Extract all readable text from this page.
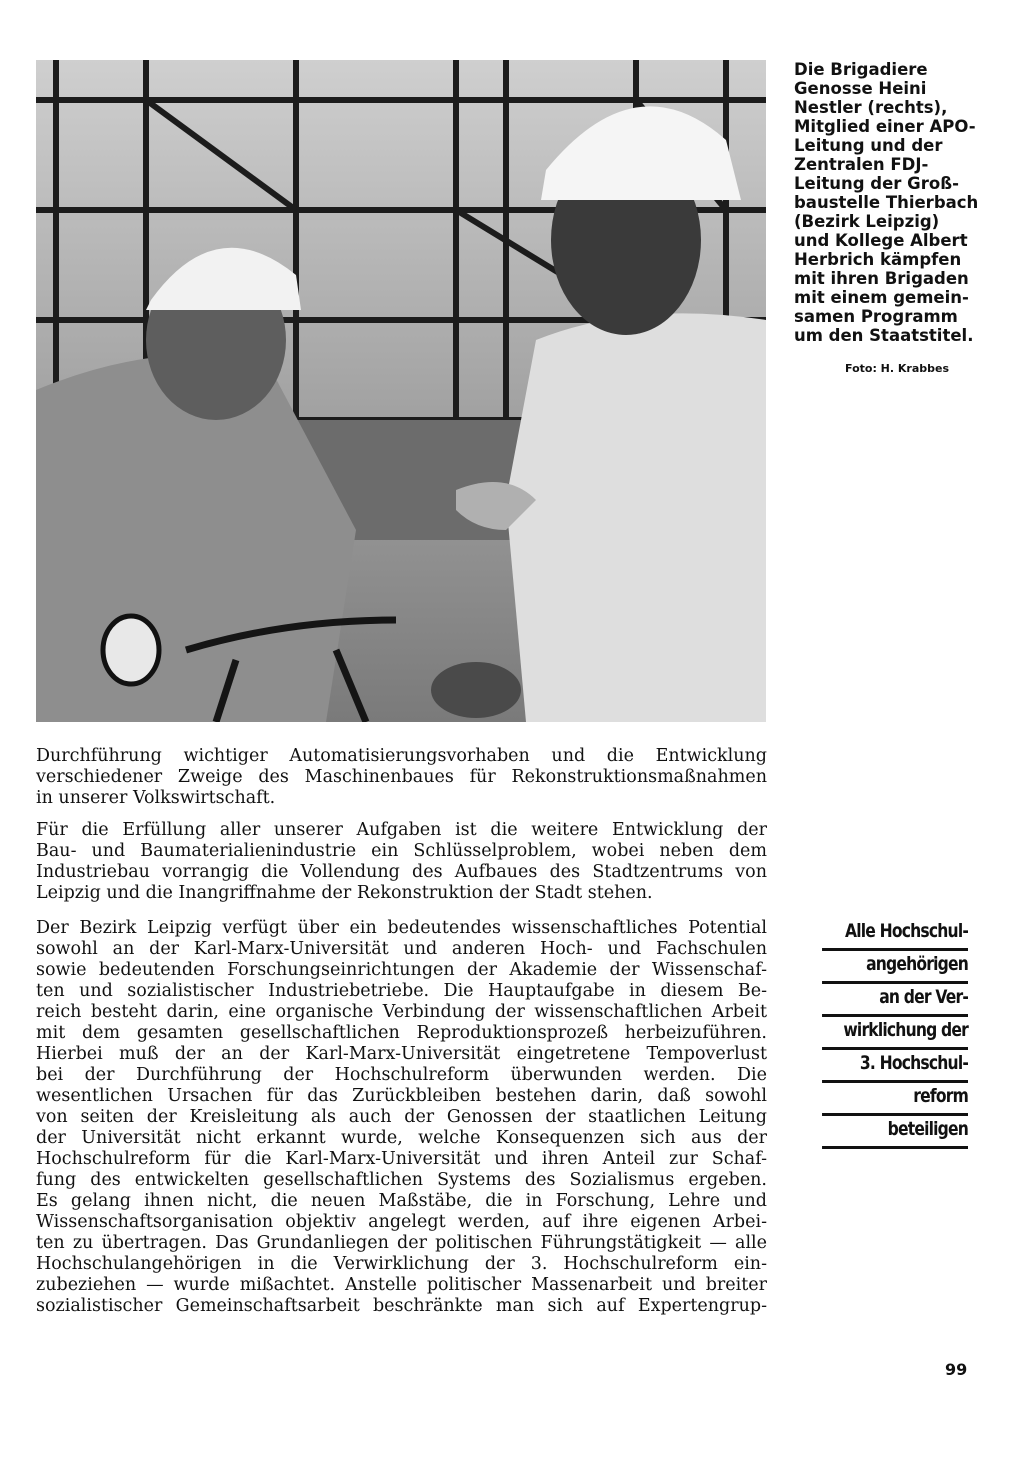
Die Brigadiere
Genosse Heini
Nestler (rechts),
Mitglied einer APO-
Leitung und der
Zentralen FDJ-
Leitung der Groß-
baustelle Thierbach
(Bezirk Leipzig)
und Kollege Albert
Herbrich kämpfen
mit ihren Brigaden
mit einem gemein-
samen Programm
um den Staatstitel.
Foto: H. Krabbes
Durchführung wichtiger Automatisierungsvorhaben und die Entwicklung
verschiedener Zweige des Maschinenbaues für Rekonstruktionsmaßnahmen
in unserer Volkswirtschaft.
Für die Erfüllung aller unserer Aufgaben ist die weitere Entwicklung der
Bau- und Baumaterialienindustrie ein Schlüsselproblem, wobei neben dem
Industriebau vorrangig die Vollendung des Aufbaues des Stadtzentrums von
Leipzig und die Inangriffnahme der Rekonstruktion der Stadt stehen.
Der Bezirk Leipzig verfügt über ein bedeutendes wissenschaftliches Potential
sowohl an der Karl-Marx-Universität und anderen Hoch- und Fachschulen
sowie bedeutenden Forschungseinrichtungen der Akademie der Wissenschaf-
ten und sozialistischer Industriebetriebe. Die Hauptaufgabe in diesem Be-
reich besteht darin, eine organische Verbindung der wissenschaftlichen Arbeit
mit dem gesamten gesellschaftlichen Reproduktionsprozeß herbeizuführen.
Hierbei muß der an der Karl-Marx-Universität eingetretene Tempoverlust
bei der Durchführung der Hochschulreform überwunden werden. Die
wesentlichen Ursachen für das Zurückbleiben bestehen darin, daß sowohl
von seiten der Kreisleitung als auch der Genossen der staatlichen Leitung
der Universität nicht erkannt wurde, welche Konsequenzen sich aus der
Hochschulreform für die Karl-Marx-Universität und ihren Anteil zur Schaf-
fung des entwickelten gesellschaftlichen Systems des Sozialismus ergeben.
Es gelang ihnen nicht, die neuen Maßstäbe, die in Forschung, Lehre und
Wissenschaftsorganisation objektiv angelegt werden, auf ihre eigenen Arbei-
ten zu übertragen. Das Grundanliegen der politischen Führungstätigkeit — alle
Hochschulangehörigen in die Verwirklichung der 3. Hochschulreform ein-
zubeziehen — wurde mißachtet. Anstelle politischer Massenarbeit und breiter
sozialistischer Gemeinschaftsarbeit beschränkte man sich auf Expertengrup-
Alle Hochschul-
angehörigen
an der Ver-
wirklichung der
3. Hochschul-
reform
beteiligen
99
